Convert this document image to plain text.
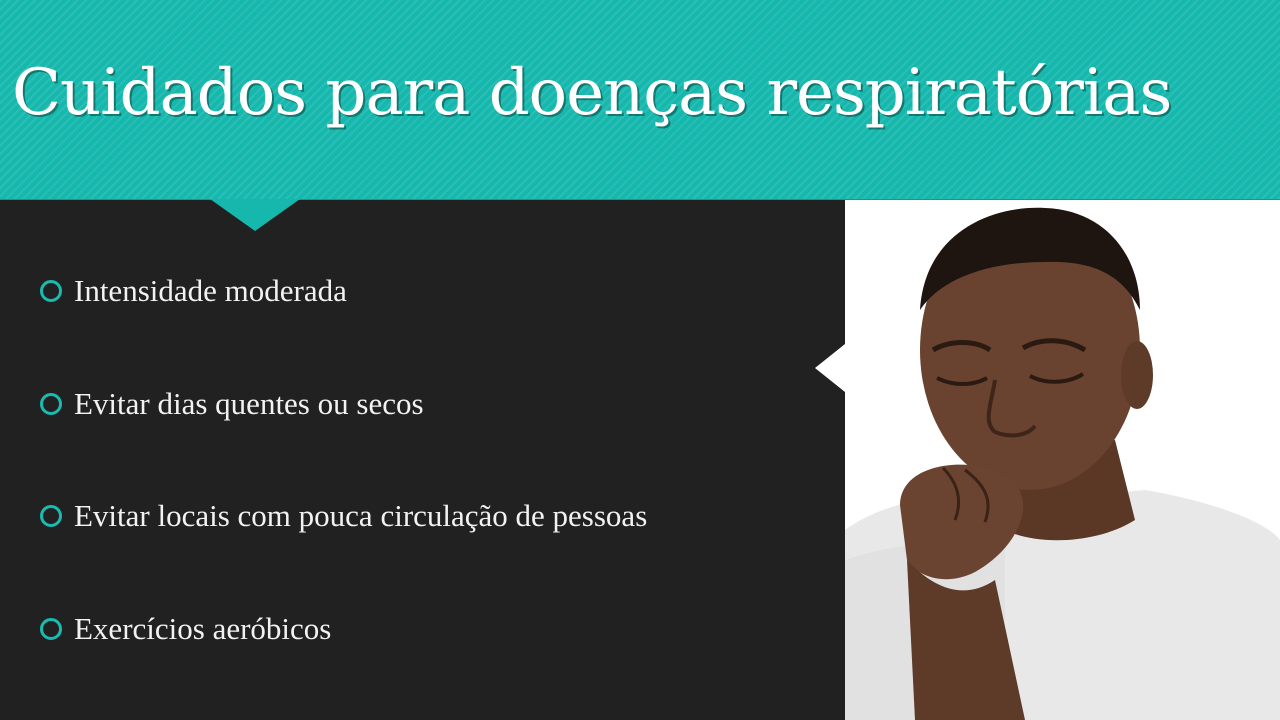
Cuidados para doenças respiratórias
Intensidade moderada
Evitar dias quentes ou secos
Evitar locais com pouca circulação de pessoas
Exercícios aeróbicos
